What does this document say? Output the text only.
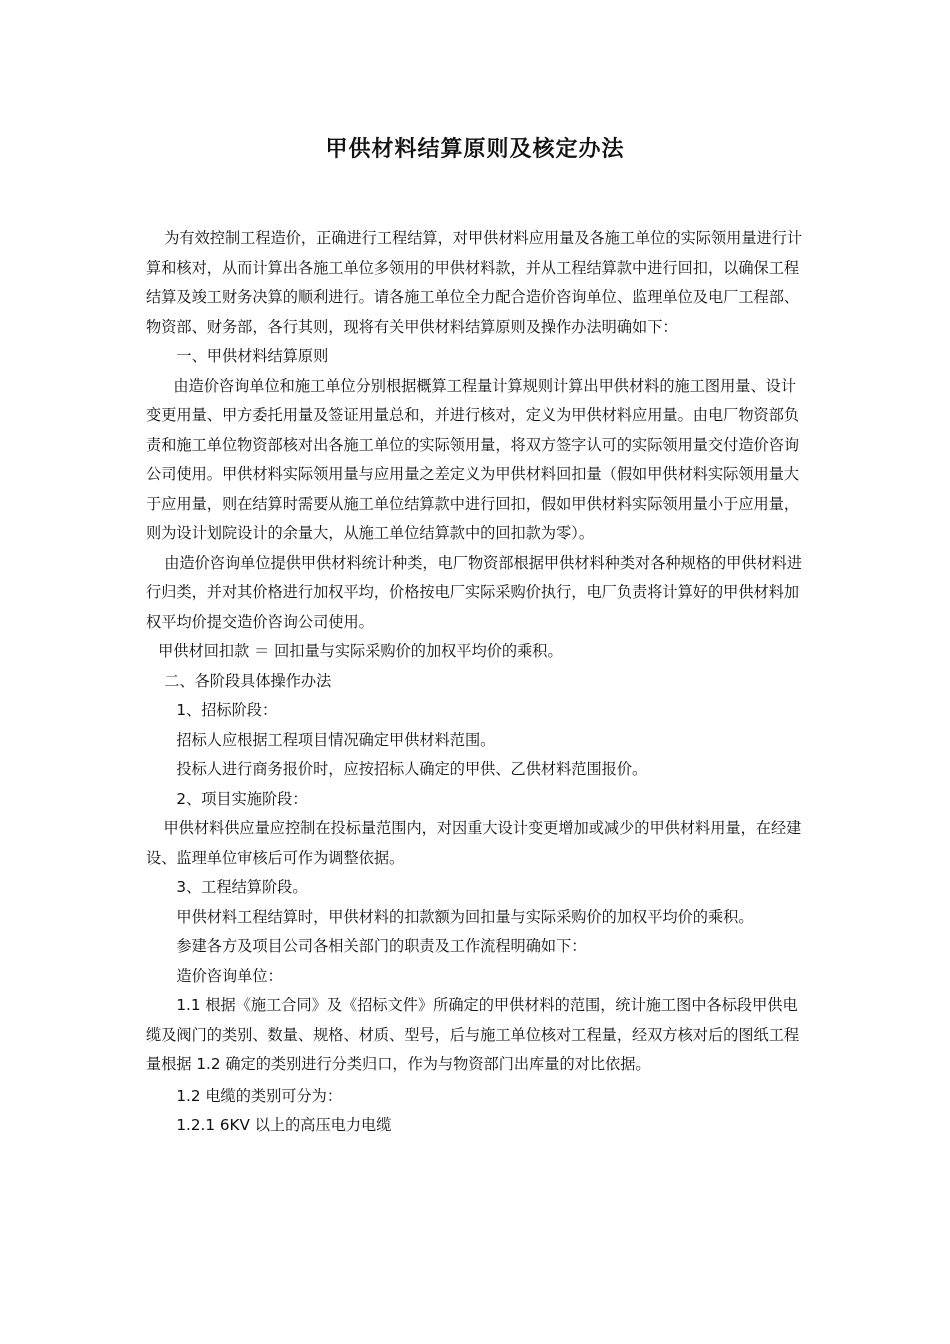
甲供材料结算原则及核定办法

为有效控制工程造价，正确进行工程结算，对甲供材料应用量及各施工单位的实际领用量进行计算和核对，从而计算出各施工单位多领用的甲供材料款，并从工程结算款中进行回扣，以确保工程结算及竣工财务决算的顺利进行。请各施工单位全力配合造价咨询单位、监理单位及电厂工程部、物资部、财务部，各行其则，现将有关甲供材料结算原则及操作办法明确如下：

一、甲供材料结算原则

由造价咨询单位和施工单位分别根据概算工程量计算规则计算出甲供材料的施工图用量、设计变更用量、甲方委托用量及签证用量总和，并进行核对，定义为甲供材料应用量。由电厂物资部负责和施工单位物资部核对出各施工单位的实际领用量，将双方签字认可的实际领用量交付造价咨询公司使用。甲供材料实际领用量与应用量之差定义为甲供材料回扣量（假如甲供材料实际领用量大于应用量，则在结算时需要从施工单位结算款中进行回扣，假如甲供材料实际领用量小于应用量，则为设计划院设计的余量大，从施工单位结算款中的回扣款为零）。

由造价咨询单位提供甲供材料统计种类，电厂物资部根据甲供材料种类对各种规格的甲供材料进行归类，并对其价格进行加权平均，价格按电厂实际采购价执行，电厂负责将计算好的甲供材料加权平均价提交造价咨询公司使用。

甲供材回扣款 ＝ 回扣量与实际采购价的加权平均价的乘积。

二、各阶段具体操作办法

1、招标阶段：

招标人应根据工程项目情况确定甲供材料范围。

投标人进行商务报价时，应按招标人确定的甲供、乙供材料范围报价。

2、项目实施阶段：

甲供材料供应量应控制在投标量范围内，对因重大设计变更增加或减少的甲供材料用量，在经建设、监理单位审核后可作为调整依据。

3、工程结算阶段。

甲供材料工程结算时，甲供材料的扣款额为回扣量与实际采购价的加权平均价的乘积。

参建各方及项目公司各相关部门的职责及工作流程明确如下：

造价咨询单位：

1.1 根据《施工合同》及《招标文件》所确定的甲供材料的范围，统计施工图中各标段甲供电缆及阀门的类别、数量、规格、材质、型号，后与施工单位核对工程量，经双方核对后的图纸工程量根据 1.2 确定的类别进行分类归口，作为与物资部门出库量的对比依据。

1.2 电缆的类别可分为：

1.2.1 6KV 以上的高压电力电缆
